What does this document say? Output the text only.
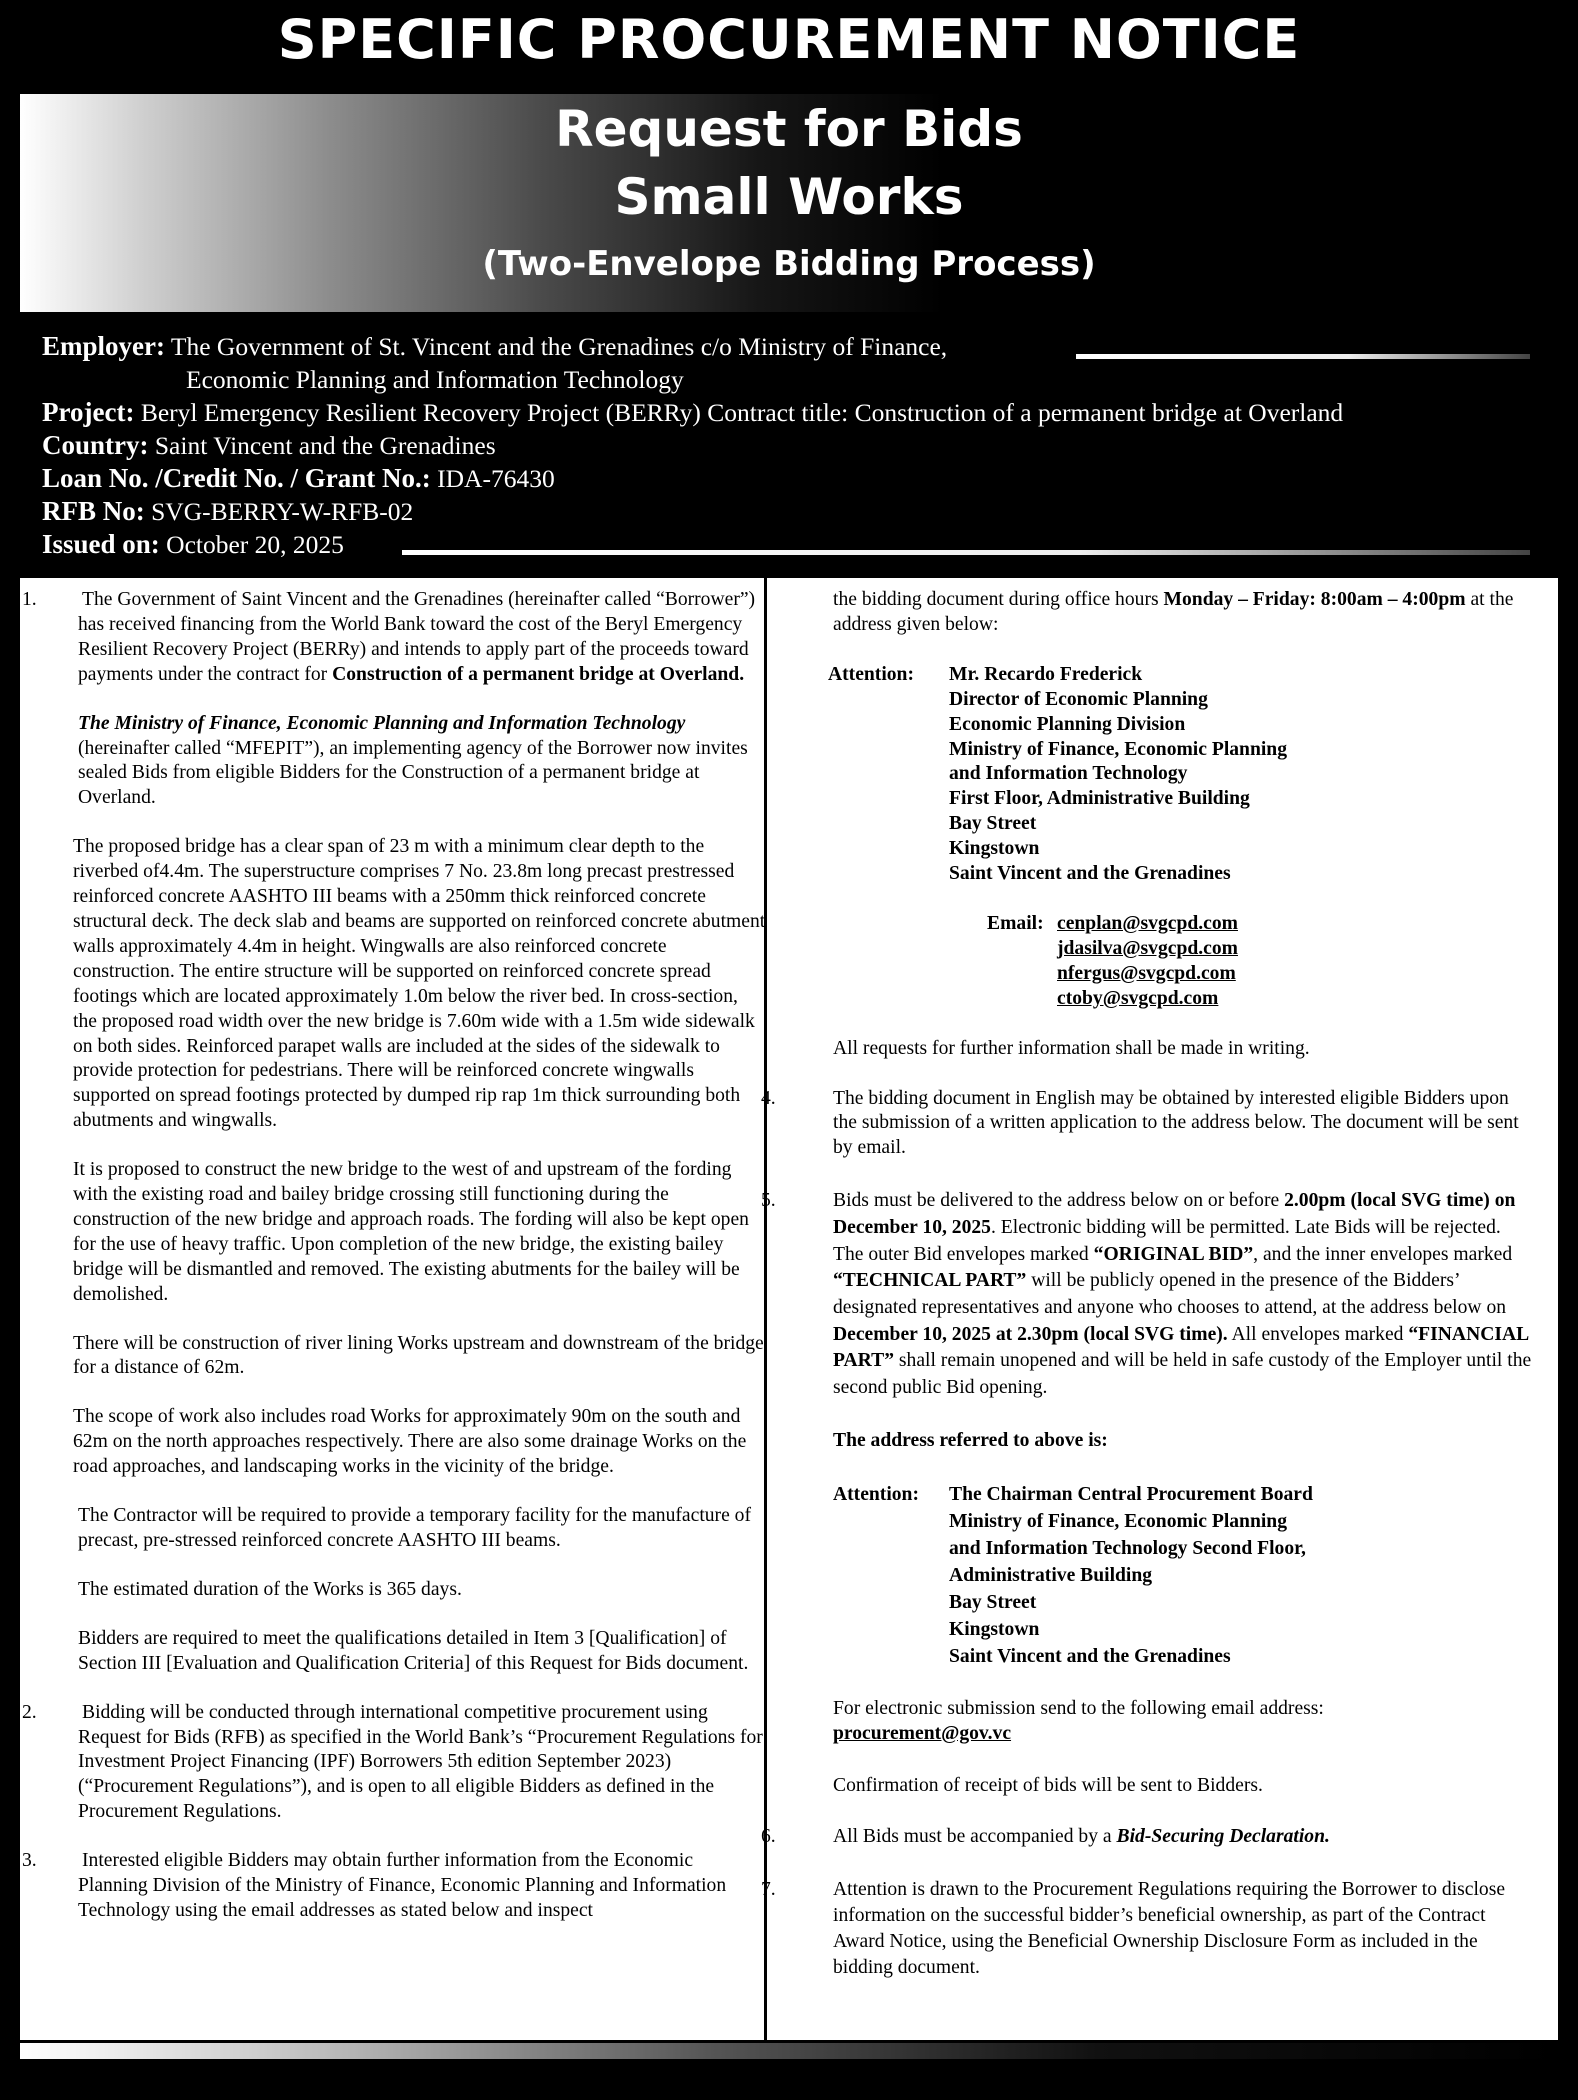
SPECIFIC PROCUREMENT NOTICE
Request for Bids
Small Works
(Two-Envelope Bidding Process)
Employer: The Government of St. Vincent and the Grenadines c/o Ministry of Finance,
Economic Planning and Information Technology
Project: Beryl Emergency Resilient Recovery Project (BERRy) Contract title: Construction of a permanent bridge at Overland
Country: Saint Vincent and the Grenadines
Loan No. /Credit No. / Grant No.: IDA-76430
RFB No: SVG-BERRY-W-RFB-02
Issued on: October 20, 2025

1. The Government of Saint Vincent and the Grenadines (hereinafter called “Borrower”) has received financing from the World Bank toward the cost of the Beryl Emergency Resilient Recovery Project (BERRy) and intends to apply part of the proceeds toward payments under the contract for Construction of a permanent bridge at Overland.

The Ministry of Finance, Economic Planning and Information Technology (hereinafter called “MFEPIT”), an implementing agency of the Borrower now invites sealed Bids from eligible Bidders for the Construction of a permanent bridge at Overland.

The proposed bridge has a clear span of 23 m with a minimum clear depth to the riverbed of4.4m. The superstructure comprises 7 No. 23.8m long precast prestressed reinforced concrete AASHTO III beams with a 250mm thick reinforced concrete structural deck. The deck slab and beams are supported on reinforced concrete abutment walls approximately 4.4m in height. Wingwalls are also reinforced concrete construction. The entire structure will be supported on reinforced concrete spread footings which are located approximately 1.0m below the river bed. In cross-section, the proposed road width over the new bridge is 7.60m wide with a 1.5m wide sidewalk on both sides. Reinforced parapet walls are included at the sides of the sidewalk to provide protection for pedestrians. There will be reinforced concrete wingwalls supported on spread footings protected by dumped rip rap 1m thick surrounding both abutments and wingwalls.

It is proposed to construct the new bridge to the west of and upstream of the fording with the existing road and bailey bridge crossing still functioning during the construction of the new bridge and approach roads. The fording will also be kept open for the use of heavy traffic. Upon completion of the new bridge, the existing bailey bridge will be dismantled and removed. The existing abutments for the bailey will be demolished.

There will be construction of river lining Works upstream and downstream of the bridge for a distance of 62m.

The scope of work also includes road Works for approximately 90m on the south and 62m on the north approaches respectively. There are also some drainage Works on the road approaches, and landscaping works in the vicinity of the bridge.

The Contractor will be required to provide a temporary facility for the manufacture of precast, pre-stressed reinforced concrete AASHTO III beams.

The estimated duration of the Works is 365 days.

Bidders are required to meet the qualifications detailed in Item 3 [Qualification] of Section III [Evaluation and Qualification Criteria] of this Request for Bids document.

2. Bidding will be conducted through international competitive procurement using Request for Bids (RFB) as specified in the World Bank’s “Procurement Regulations for Investment Project Financing (IPF) Borrowers 5th edition September 2023) (“Procurement Regulations”), and is open to all eligible Bidders as defined in the Procurement Regulations.

3. Interested eligible Bidders may obtain further information from the Economic Planning Division of the Ministry of Finance, Economic Planning and Information Technology using the email addresses as stated below and inspect

the bidding document during office hours Monday – Friday: 8:00am – 4:00pm at the address given below:

Attention:	Mr. Recardo Frederick
Director of Economic Planning
Economic Planning Division
Ministry of Finance, Economic Planning
and Information Technology
First Floor, Administrative Building
Bay Street
Kingstown
Saint Vincent and the Grenadines
Email: cenplan@svgcpd.com
jdasilva@svgcpd.com
nfergus@svgcpd.com
ctoby@svgcpd.com

All requests for further information shall be made in writing.

4.	The bidding document in English may be obtained by interested eligible Bidders upon the submission of a written application to the address below. The document will be sent by email.

5.	Bids must be delivered to the address below on or before 2.00pm (local SVG time) on December 10, 2025. Electronic bidding will be permitted. Late Bids will be rejected. The outer Bid envelopes marked “ORIGINAL BID”, and the inner envelopes marked “TECHNICAL PART” will be publicly opened in the presence of the Bidders’ designated representatives and anyone who chooses to attend, at the address below on December 10, 2025 at 2.30pm (local SVG time). All envelopes marked “FINANCIAL PART” shall remain unopened and will be held in safe custody of the Employer until the second public Bid opening.

The address referred to above is:

Attention:	The Chairman Central Procurement Board
Ministry of Finance, Economic Planning
and Information Technology Second Floor,
Administrative Building
Bay Street
Kingstown
Saint Vincent and the Grenadines

For electronic submission send to the following email address:

procurement@gov.vc

Confirmation of receipt of bids will be sent to Bidders.

6.	All Bids must be accompanied by a Bid-Securing Declaration.

7.	Attention is drawn to the Procurement Regulations requiring the Borrower to disclose information on the successful bidder’s beneficial ownership, as part of the Contract Award Notice, using the Beneficial Ownership Disclosure Form as included in the bidding document.
